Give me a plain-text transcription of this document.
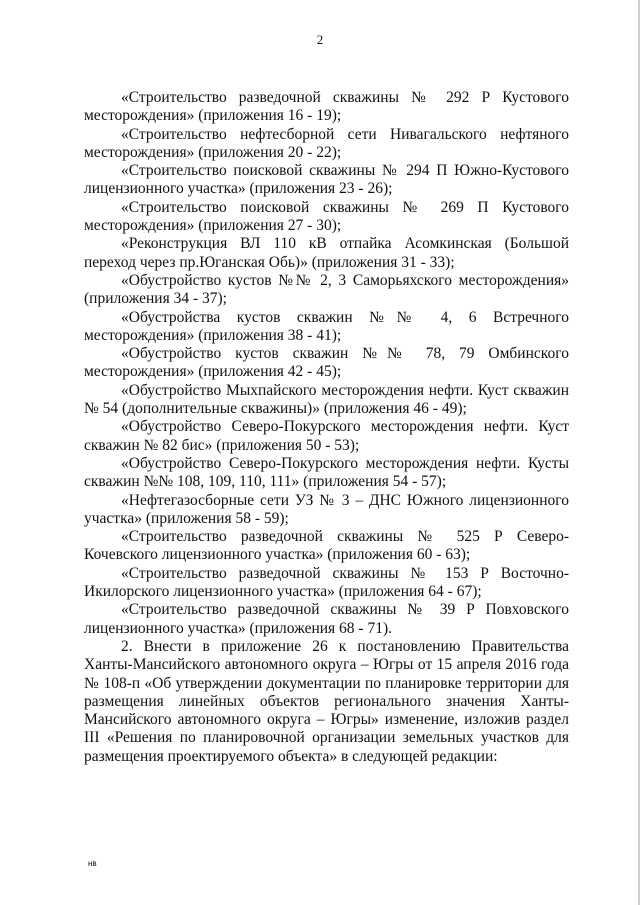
2

«Строительство разведочной скважины № 292 Р Кустового месторождения» (приложения 16 - 19);

«Строительство нефтесборной сети Нивагальского нефтяного месторождения» (приложения 20 - 22);

«Строительство поисковой скважины № 294 П Южно-Кустового лицензионного участка» (приложения 23 - 26);

«Строительство поисковой скважины № 269 П Кустового месторождения» (приложения 27 - 30);

«Реконструкция ВЛ 110 кВ отпайка Асомкинская (Большой переход через пр.Юганская Обь)» (приложения 31 - 33);

«Обустройство кустов №№ 2, 3 Саморьяхского месторождения» (приложения 34 - 37);

«Обустройства кустов скважин №№ 4, 6 Встречного месторождения» (приложения 38 - 41);

«Обустройство кустов скважин №№ 78, 79 Омбинского месторождения» (приложения 42 - 45);

«Обустройство Мыхпайского месторождения нефти. Куст скважин № 54 (дополнительные скважины)» (приложения 46 - 49);

«Обустройство Северо-Покурского месторождения нефти. Куст скважин № 82 бис» (приложения 50 - 53);

«Обустройство Северо-Покурского месторождения нефти. Кусты скважин №№ 108, 109, 110, 111» (приложения 54 - 57);

«Нефтегазосборные сети УЗ № 3 – ДНС Южного лицензионного участка» (приложения 58 - 59);

«Строительство разведочной скважины № 525 Р Северо-Кочевского лицензионного участка» (приложения 60 - 63);

«Строительство разведочной скважины № 153 Р Восточно-Икилорского лицензионного участка» (приложения 64 - 67);

«Строительство разведочной скважины № 39 Р Повховского лицензионного участка» (приложения 68 - 71).

2. Внести в приложение 26 к постановлению Правительства Ханты-Мансийского автономного округа – Югры от 15 апреля 2016 года № 108-п «Об утверждении документации по планировке территории для размещения линейных объектов регионального значения Ханты-Мансийского автономного округа – Югры» изменение, изложив раздел III «Решения по планировочной организации земельных участков для размещения проектируемого объекта» в следующей редакции:

нв
